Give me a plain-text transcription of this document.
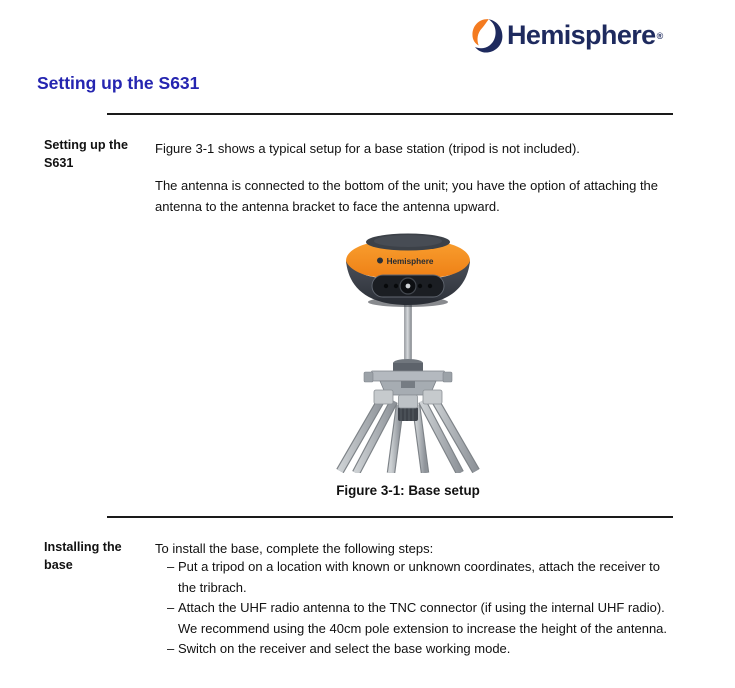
Hemisphere ®
Setting up the S631
Setting up the S631
Figure 3-1 shows a typical setup for a base station (tripod is not included).
The antenna is connected to the bottom of the unit; you have the option of attaching the antenna to the antenna bracket to face the antenna upward.
Hemisphere
Figure 3-1: Base setup
Installing the base
To install the base, complete the following steps:
– Put a tripod on a location with known or unknown coordinates, attach the receiver to the tribrach.
– Attach the UHF radio antenna to the TNC connector (if using the internal UHF radio). We recommend using the 40cm pole extension to increase the height of the antenna.
– Switch on the receiver and select the base working mode.
